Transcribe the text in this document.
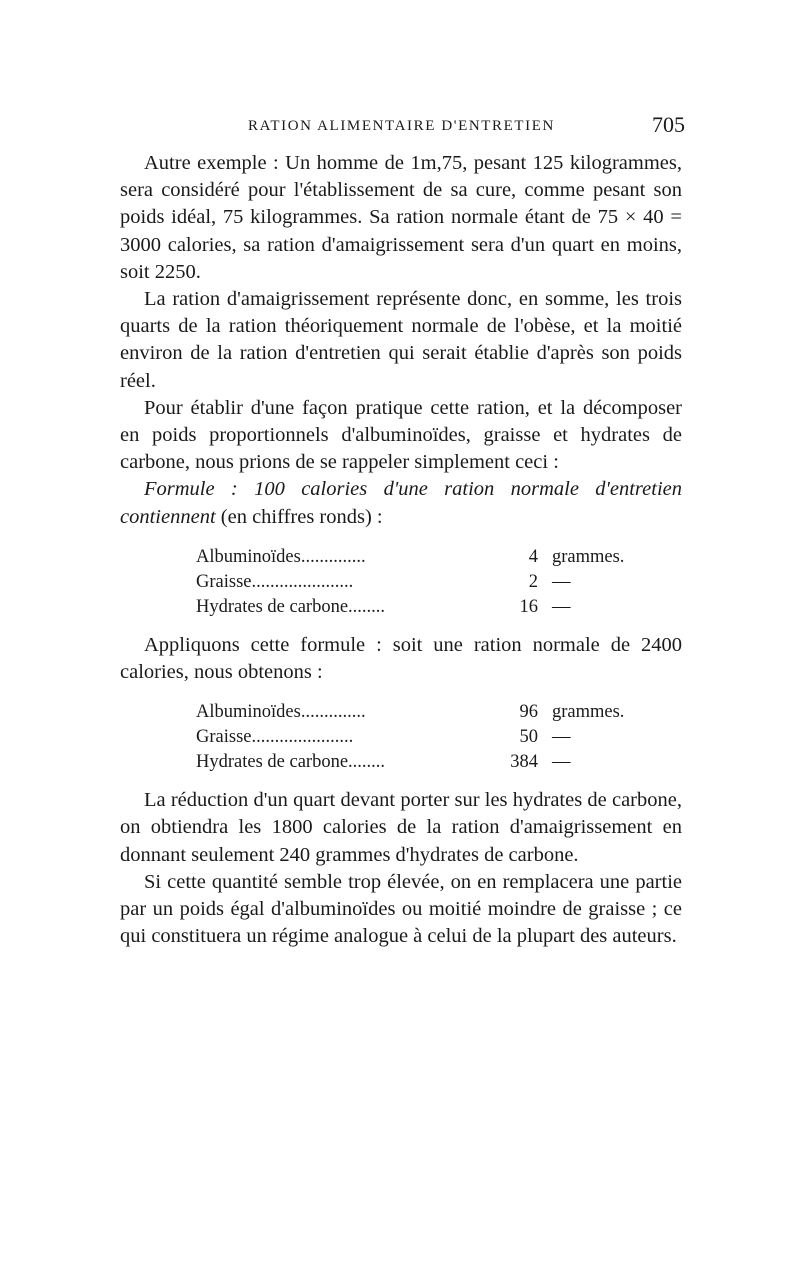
RATION ALIMENTAIRE D'ENTRETIEN	705

Autre exemple : Un homme de 1m,75, pesant 125 kilogrammes, sera considéré pour l'établissement de sa cure, comme pesant son poids idéal, 75 kilogrammes. Sa ration normale étant de 75 × 40 = 3000 calories, sa ration d'amaigrissement sera d'un quart en moins, soit 2250.

La ration d'amaigrissement représente donc, en somme, les trois quarts de la ration théoriquement normale de l'obèse, et la moitié environ de la ration d'entretien qui serait établie d'après son poids réel.

Pour établir d'une façon pratique cette ration, et la décomposer en poids proportionnels d'albuminoïdes, graisse et hydrates de carbone, nous prions de se rappeler simplement ceci :

Formule : 100 calories d'une ration normale d'entretien contiennent (en chiffres ronds) :

Albuminoïdes..............	4 grammes.
Graisse......................	2 —
Hydrates de carbone........	16 —

Appliquons cette formule : soit une ration normale de 2400 calories, nous obtenons :

Albuminoïdes..............	96 grammes.
Graisse......................	50 —
Hydrates de carbone........	384 —

La réduction d'un quart devant porter sur les hydrates de carbone, on obtiendra les 1800 calories de la ration d'amaigrissement en donnant seulement 240 grammes d'hydrates de carbone.

Si cette quantité semble trop élevée, on en remplacera une partie par un poids égal d'albuminoïdes ou moitié moindre de graisse ; ce qui constituera un régime analogue à celui de la plupart des auteurs.
